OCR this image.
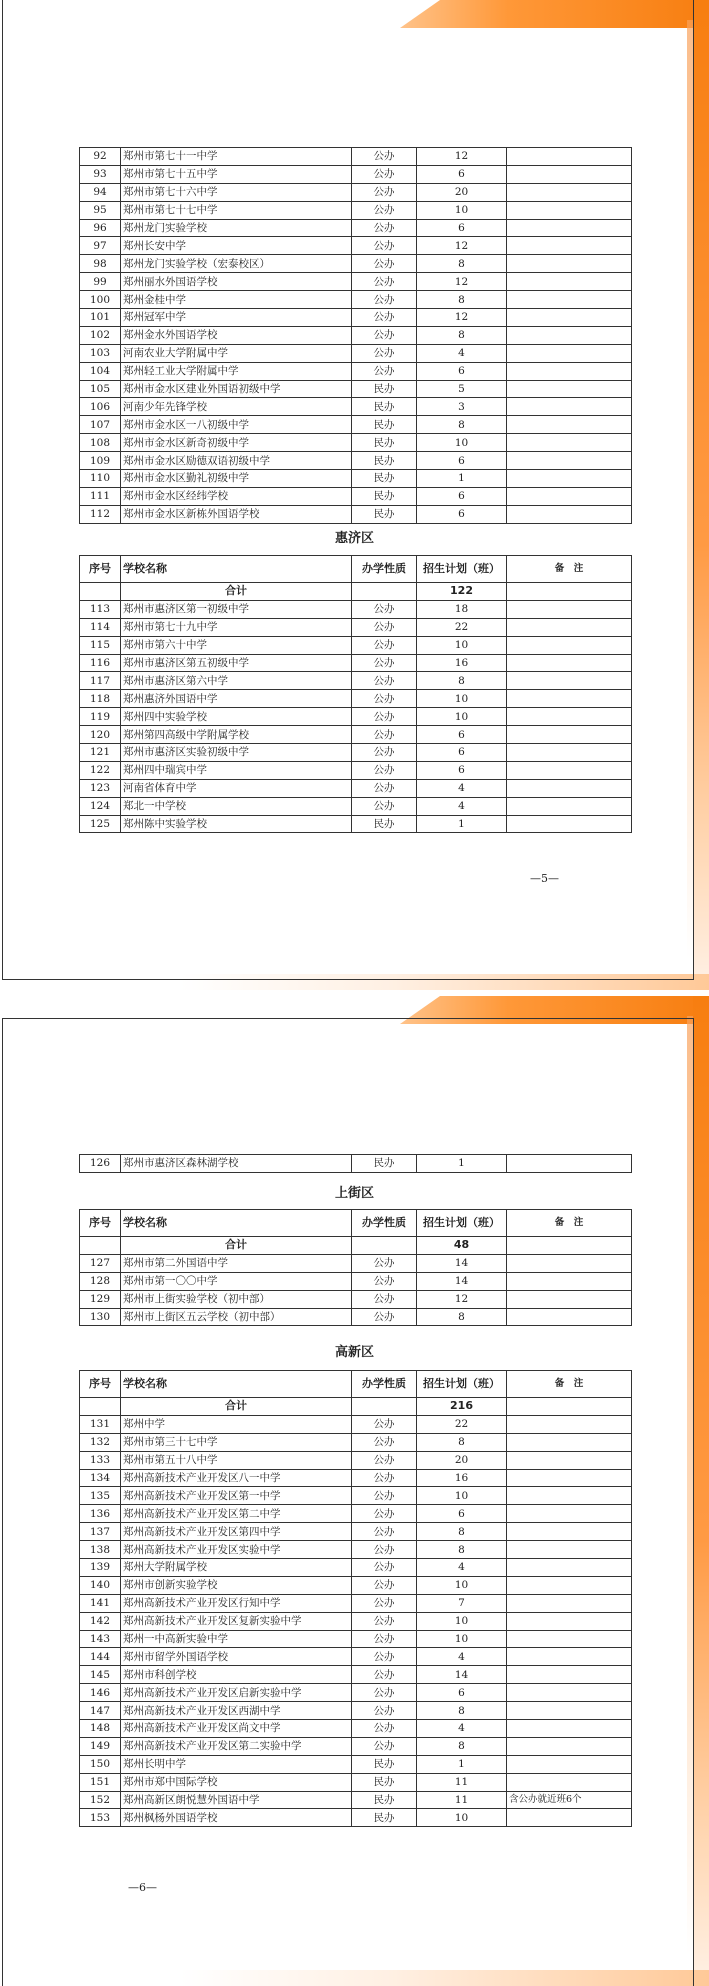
92	郑州市第七十一中学	公办	12	
93	郑州市第七十五中学	公办	6	
94	郑州市第七十六中学	公办	20	
95	郑州市第七十七中学	公办	10	
96	郑州龙门实验学校	公办	6	
97	郑州长安中学	公办	12	
98	郑州龙门实验学校（宏泰校区）	公办	8	
99	郑州丽水外国语学校	公办	12	
100	郑州金桂中学	公办	8	
101	郑州冠军中学	公办	12	
102	郑州金水外国语学校	公办	8	
103	河南农业大学附属中学	公办	4	
104	郑州轻工业大学附属中学	公办	6	
105	郑州市金水区建业外国语初级中学	民办	5	
106	河南少年先锋学校	民办	3	
107	郑州市金水区一八初级中学	民办	8	
108	郑州市金水区新奇初级中学	民办	10	
109	郑州市金水区励德双语初级中学	民办	6	
110	郑州市金水区勤礼初级中学	民办	1	
111	郑州市金水区经纬学校	民办	6	
112	郑州市金水区新栋外国语学校	民办	6	
惠济区
序号	学校名称	办学性质	招生计划（班）	备　注
	合计		122	
113	郑州市惠济区第一初级中学	公办	18	
114	郑州市第七十九中学	公办	22	
115	郑州市第六十中学	公办	10	
116	郑州市惠济区第五初级中学	公办	16	
117	郑州市惠济区第六中学	公办	8	
118	郑州惠济外国语中学	公办	10	
119	郑州四中实验学校	公办	10	
120	郑州第四高级中学附属学校	公办	6	
121	郑州市惠济区实验初级中学	公办	6	
122	郑州四中瑞宾中学	公办	6	
123	河南省体育中学	公办	4	
124	郑北一中学校	公办	4	
125	郑州陈中实验学校	民办	1	
—5—
126	郑州市惠济区森林湖学校	民办	1	
上街区
序号	学校名称	办学性质	招生计划（班）	备　注
	合计		48	
127	郑州市第二外国语中学	公办	14	
128	郑州市第一〇〇中学	公办	14	
129	郑州市上街实验学校（初中部）	公办	12	
130	郑州市上街区五云学校（初中部）	公办	8	
高新区
序号	学校名称	办学性质	招生计划（班）	备　注
	合计		216	
131	郑州中学	公办	22	
132	郑州市第三十七中学	公办	8	
133	郑州市第五十八中学	公办	20	
134	郑州高新技术产业开发区八一中学	公办	16	
135	郑州高新技术产业开发区第一中学	公办	10	
136	郑州高新技术产业开发区第二中学	公办	6	
137	郑州高新技术产业开发区第四中学	公办	8	
138	郑州高新技术产业开发区实验中学	公办	8	
139	郑州大学附属学校	公办	4	
140	郑州市创新实验学校	公办	10	
141	郑州高新技术产业开发区行知中学	公办	7	
142	郑州高新技术产业开发区复新实验中学	公办	10	
143	郑州一中高新实验中学	公办	10	
144	郑州市留学外国语学校	公办	4	
145	郑州市科创学校	公办	14	
146	郑州高新技术产业开发区启新实验中学	公办	6	
147	郑州高新技术产业开发区西湖中学	公办	8	
148	郑州高新技术产业开发区尚文中学	公办	4	
149	郑州高新技术产业开发区第二实验中学	公办	8	
150	郑州长明中学	民办	1	
151	郑州市郑中国际学校	民办	11	
152	郑州高新区朗悦慧外国语中学	民办	11	含公办就近班6个
153	郑州枫杨外国语学校	民办	10	
—6—
